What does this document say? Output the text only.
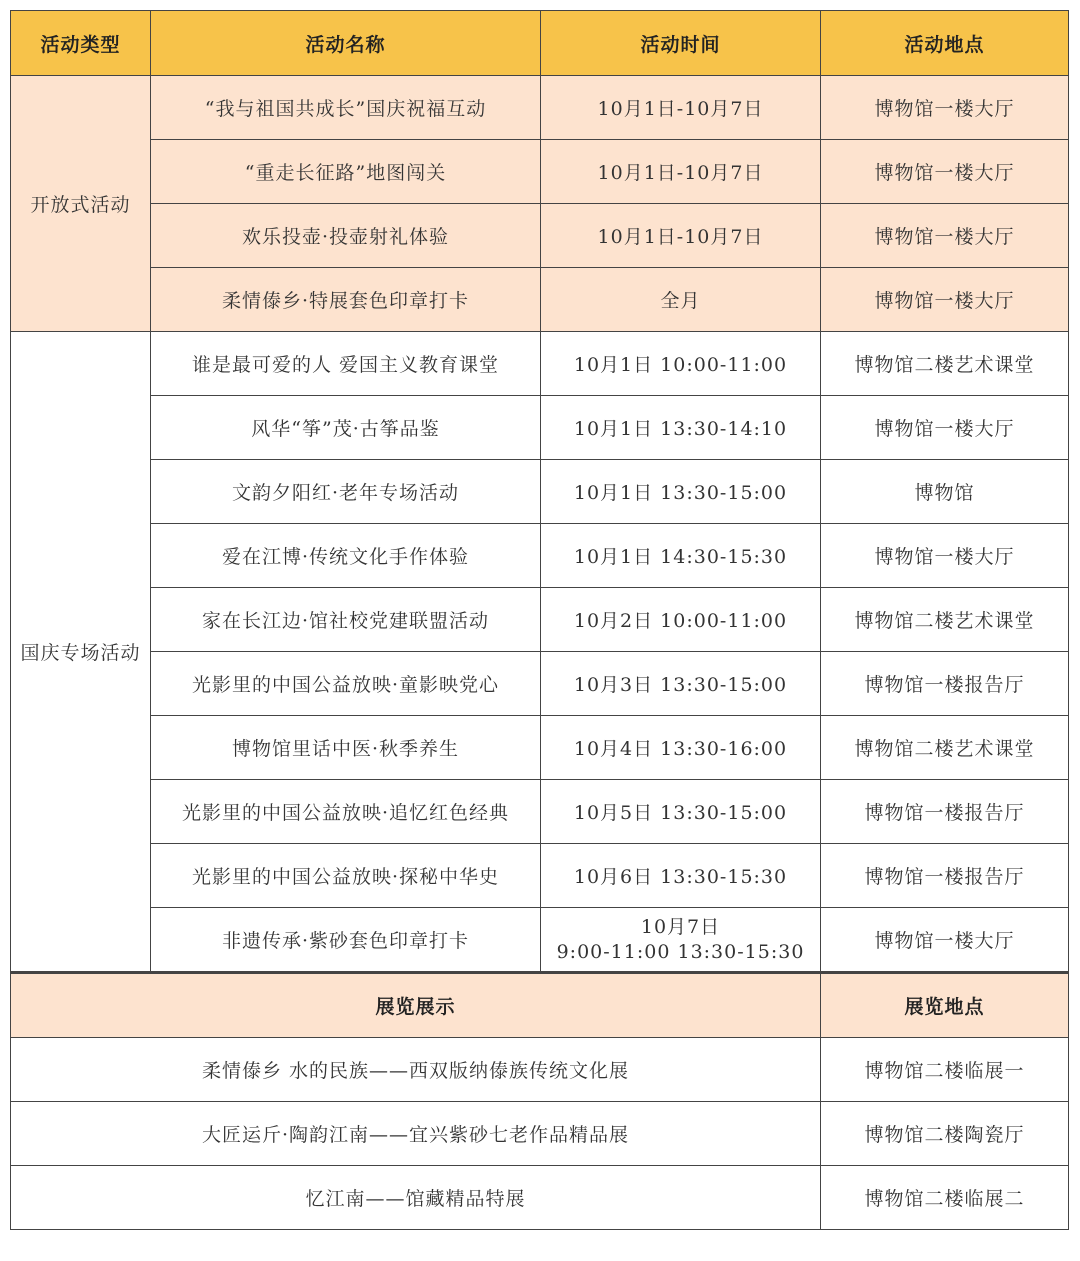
活动类型	活动名称	活动时间	活动地点
开放式活动	“我与祖国共成长”国庆祝福互动	10月1日-10月7日	博物馆一楼大厅
	“重走长征路”地图闯关	10月1日-10月7日	博物馆一楼大厅
	欢乐投壶·投壶射礼体验	10月1日-10月7日	博物馆一楼大厅
	柔情傣乡·特展套色印章打卡	全月	博物馆一楼大厅
国庆专场活动	谁是最可爱的人 爱国主义教育课堂	10月1日 10:00-11:00	博物馆二楼艺术课堂
	风华“筝”茂·古筝品鉴	10月1日 13:30-14:10	博物馆一楼大厅
	文韵夕阳红·老年专场活动	10月1日 13:30-15:00	博物馆
	爱在江博·传统文化手作体验	10月1日 14:30-15:30	博物馆一楼大厅
	家在长江边·馆社校党建联盟活动	10月2日 10:00-11:00	博物馆二楼艺术课堂
	光影里的中国公益放映·童影映党心	10月3日 13:30-15:00	博物馆一楼报告厅
	博物馆里话中医·秋季养生	10月4日 13:30-16:00	博物馆二楼艺术课堂
	光影里的中国公益放映·追忆红色经典	10月5日 13:30-15:00	博物馆一楼报告厅
	光影里的中国公益放映·探秘中华史	10月6日 13:30-15:30	博物馆一楼报告厅
	非遗传承·紫砂套色印章打卡	10月7日
9:00-11:00 13:30-15:30	博物馆一楼大厅
展览展示	展览地点
柔情傣乡 水的民族——西双版纳傣族传统文化展	博物馆二楼临展一
大匠运斤·陶韵江南——宜兴紫砂七老作品精品展	博物馆二楼陶瓷厅
忆江南——馆藏精品特展	博物馆二楼临展二
